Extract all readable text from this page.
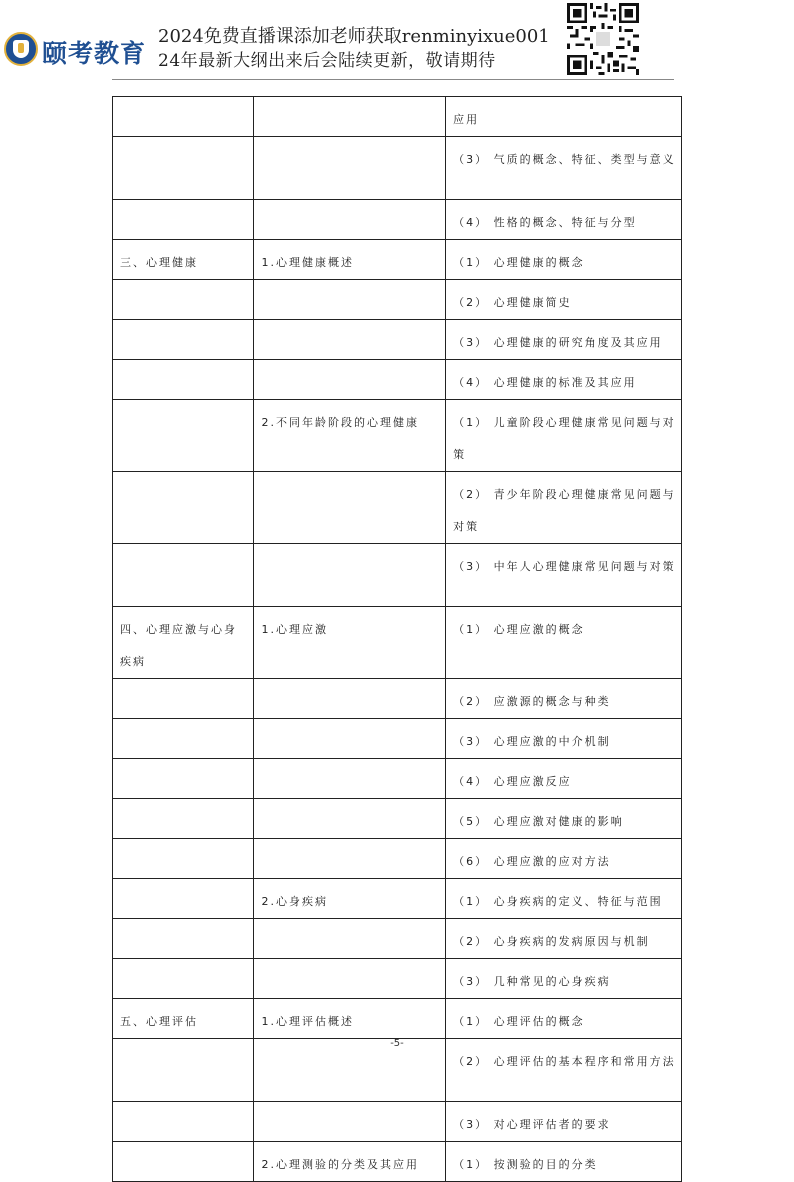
颐考教育
2024免费直播课添加老师获取renminyixue001
24年最新大纲出来后会陆续更新，敬请期待
		应用
		（3） 气质的概念、特征、类型与意义
		（4） 性格的概念、特征与分型
三、心理健康	1.心理健康概述	（1） 心理健康的概念
		（2） 心理健康简史
		（3） 心理健康的研究角度及其应用
		（4） 心理健康的标准及其应用
	2.不同年龄阶段的心理健康	（1） 儿童阶段心理健康常见问题与对策
		（2） 青少年阶段心理健康常见问题与对策
		（3） 中年人心理健康常见问题与对策
四、心理应激与心身疾病	1.心理应激	（1） 心理应激的概念
		（2） 应激源的概念与种类
		（3） 心理应激的中介机制
		（4） 心理应激反应
		（5） 心理应激对健康的影响
		（6） 心理应激的应对方法
	2.心身疾病	（1） 心身疾病的定义、特征与范围
		（2） 心身疾病的发病原因与机制
		（3） 几种常见的心身疾病
五、心理评估	1.心理评估概述	（1） 心理评估的概念
		（2） 心理评估的基本程序和常用方法
		（3） 对心理评估者的要求
	2.心理测验的分类及其应用	（1） 按测验的目的分类
-5-
